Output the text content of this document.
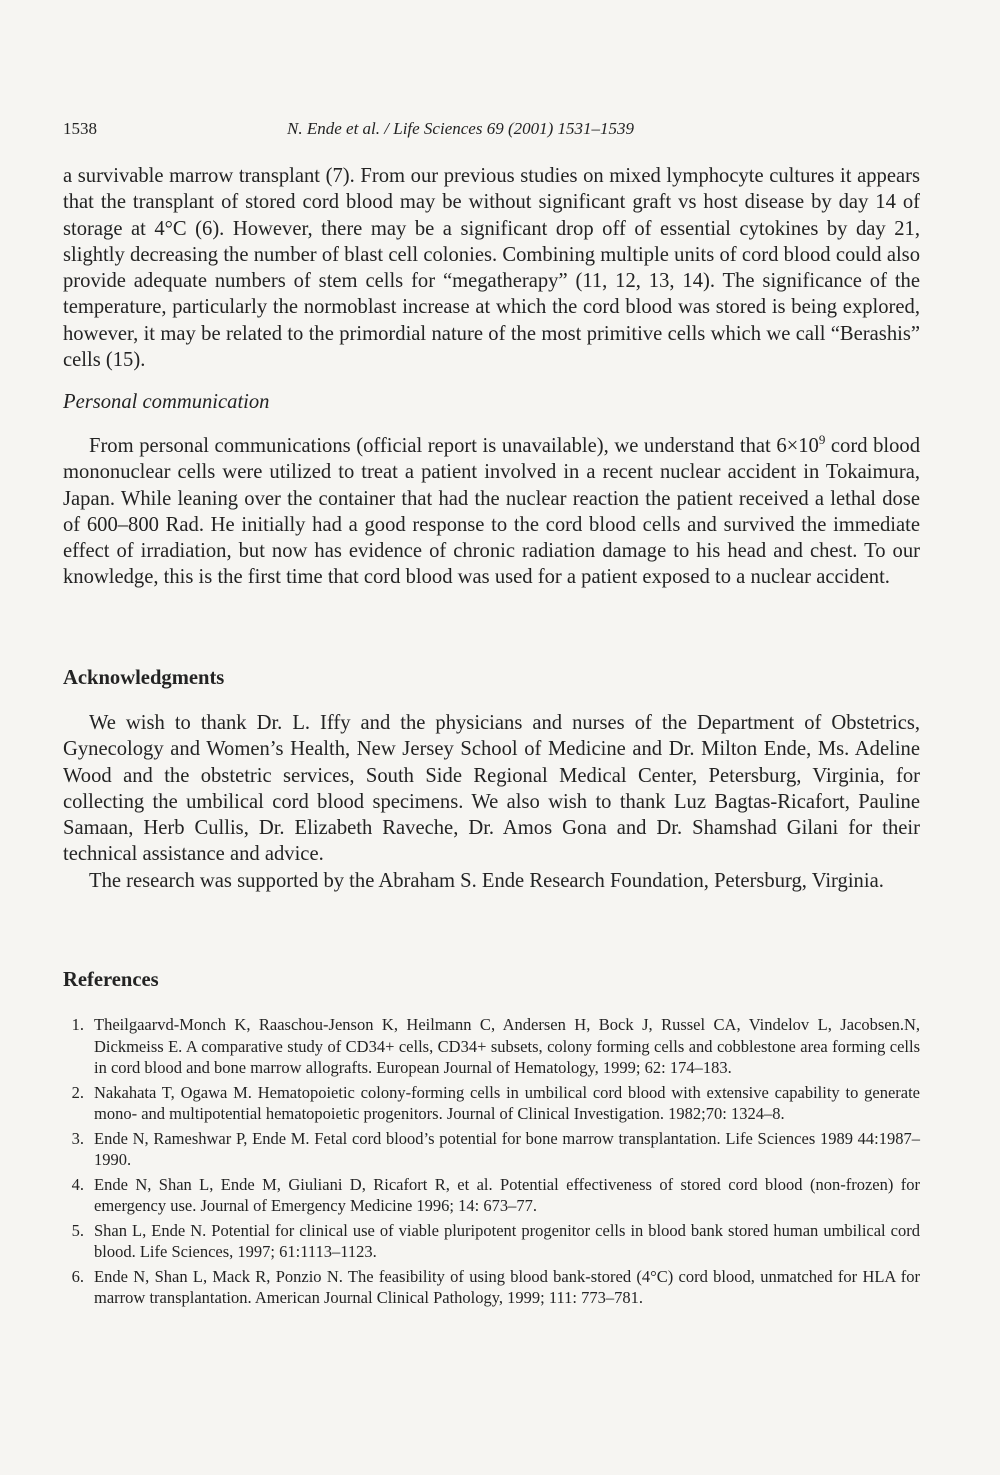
1538	N. Ende et al. / Life Sciences 69 (2001) 1531–1539

a survivable marrow transplant (7). From our previous studies on mixed lymphocyte cultures it appears that the transplant of stored cord blood may be without significant graft vs host disease by day 14 of storage at 4°C (6). However, there may be a significant drop off of essential cytokines by day 21, slightly decreasing the number of blast cell colonies. Combining multiple units of cord blood could also provide adequate numbers of stem cells for “megatherapy” (11, 12, 13, 14). The significance of the temperature, particularly the normoblast increase at which the cord blood was stored is being explored, however, it may be related to the primordial nature of the most primitive cells which we call “Berashis” cells (15).

Personal communication

From personal communications (official report is unavailable), we understand that $6\times 10^9$ cord blood mononuclear cells were utilized to treat a patient involved in a recent nuclear accident in Tokaimura, Japan. While leaning over the container that had the nuclear reaction the patient received a lethal dose of 600–800 Rad. He initially had a good response to the cord blood cells and survived the immediate effect of irradiation, but now has evidence of chronic radiation damage to his head and chest. To our knowledge, this is the first time that cord blood was used for a patient exposed to a nuclear accident.

Acknowledgments

We wish to thank Dr. L. Iffy and the physicians and nurses of the Department of Obstetrics, Gynecology and Women’s Health, New Jersey School of Medicine and Dr. Milton Ende, Ms. Adeline Wood and the obstetric services, South Side Regional Medical Center, Petersburg, Virginia, for collecting the umbilical cord blood specimens. We also wish to thank Luz Bagtas-Ricafort, Pauline Samaan, Herb Cullis, Dr. Elizabeth Raveche, Dr. Amos Gona and Dr. Shamshad Gilani for their technical assistance and advice.

The research was supported by the Abraham S. Ende Research Foundation, Petersburg, Virginia.

References
1. Theilgaarvd-Monch K, Raaschou-Jenson K, Heilmann C, Andersen H, Bock J, Russel CA, Vindelov L, Jacobsen.N, Dickmeiss E. A comparative study of CD34+ cells, CD34+ subsets, colony forming cells and cobblestone area forming cells in cord blood and bone marrow allografts. European Journal of Hematology, 1999; 62: 174–183.
2. Nakahata T, Ogawa M. Hematopoietic colony-forming cells in umbilical cord blood with extensive capability to generate mono- and multipotential hematopoietic progenitors. Journal of Clinical Investigation. 1982;70: 1324–8.
3. Ende N, Rameshwar P, Ende M. Fetal cord blood’s potential for bone marrow transplantation. Life Sciences 1989 44:1987–1990.
4. Ende N, Shan L, Ende M, Giuliani D, Ricafort R, et al. Potential effectiveness of stored cord blood (non-frozen) for emergency use. Journal of Emergency Medicine 1996; 14: 673–77.
5. Shan L, Ende N. Potential for clinical use of viable pluripotent progenitor cells in blood bank stored human umbilical cord blood. Life Sciences, 1997; 61:1113–1123.
6. Ende N, Shan L, Mack R, Ponzio N. The feasibility of using blood bank-stored (4°C) cord blood, unmatched for HLA for marrow transplantation. American Journal Clinical Pathology, 1999; 111: 773–781.
